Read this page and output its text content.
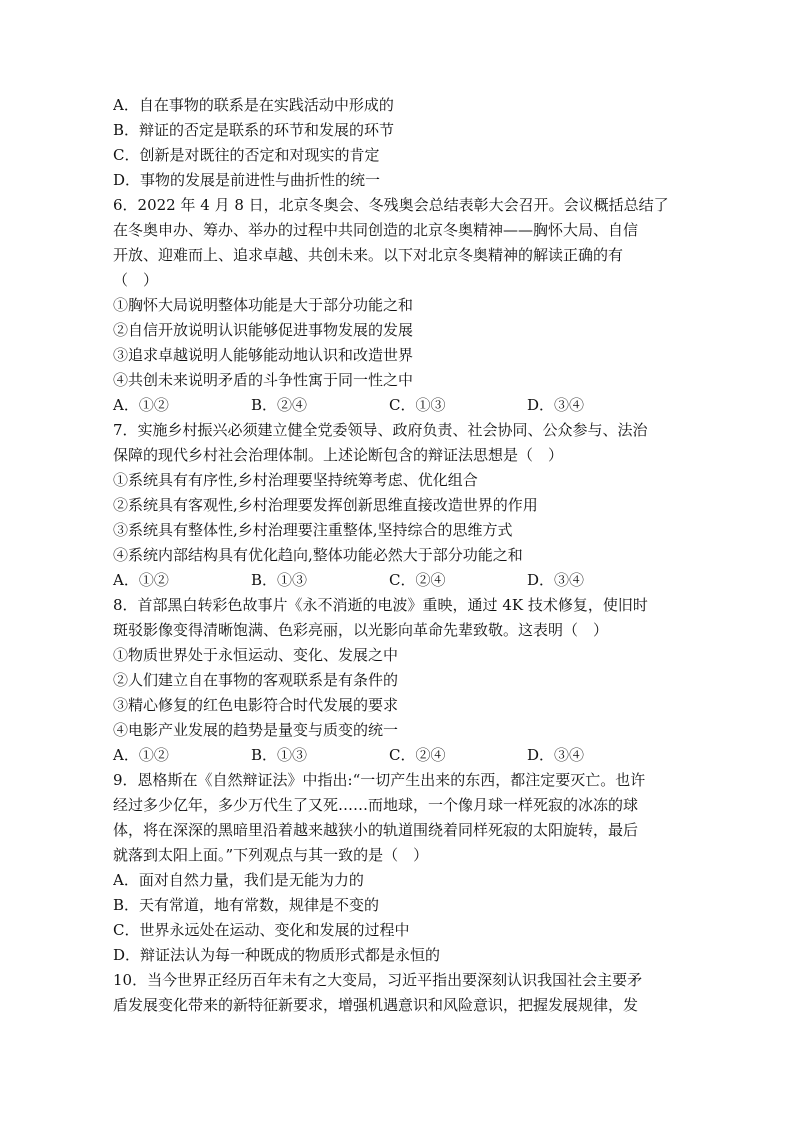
A．自在事物的联系是在实践活动中形成的
B．辩证的否定是联系的环节和发展的环节
C．创新是对既往的否定和对现实的肯定
D．事物的发展是前进性与曲折性的统一
6．2022 年 4 月 8 日，北京冬奥会、冬残奥会总结表彰大会召开。会议概括总结了
在冬奥申办、筹办、举办的过程中共同创造的北京冬奥精神——胸怀大局、自信
开放、迎难而上、追求卓越、共创未来。以下对北京冬奥精神的解读正确的有
（　）
①胸怀大局说明整体功能是大于部分功能之和
②自信开放说明认识能够促进事物发展的发展
③追求卓越说明人能够能动地认识和改造世界
④共创未来说明矛盾的斗争性寓于同一性之中
A．①②	B．②④	C．①③	D．③④
7．实施乡村振兴必须建立健全党委领导、政府负责、社会协同、公众参与、法治
保障的现代乡村社会治理体制。上述论断包含的辩证法思想是（　）
①系统具有有序性,乡村治理要坚持统筹考虑、优化组合
②系统具有客观性,乡村治理要发挥创新思维直接改造世界的作用
③系统具有整体性,乡村治理要注重整体,坚持综合的思维方式
④系统内部结构具有优化趋向,整体功能必然大于部分功能之和
A．①②	B．①③	C．②④	D．③④
8．首部黑白转彩色故事片《永不消逝的电波》重映，通过 4K 技术修复，使旧时
斑驳影像变得清晰饱满、色彩亮丽，以光影向革命先辈致敬。这表明（　）
①物质世界处于永恒运动、变化、发展之中
②人们建立自在事物的客观联系是有条件的
③精心修复的红色电影符合时代发展的要求
④电影产业发展的趋势是量变与质变的统一
A．①②	B．①③	C．②④	D．③④
9．恩格斯在《自然辩证法》中指出:“一切产生出来的东西，都注定要灭亡。也许
经过多少亿年，多少万代生了又死……而地球，一个像月球一样死寂的冰冻的球
体，将在深深的黑暗里沿着越来越狭小的轨道围绕着同样死寂的太阳旋转，最后
就落到太阳上面。”下列观点与其一致的是（　）
A．面对自然力量，我们是无能为力的
B．天有常道，地有常数，规律是不变的
C．世界永远处在运动、变化和发展的过程中
D．辩证法认为每一种既成的物质形式都是永恒的
10．当今世界正经历百年未有之大变局，习近平指出要深刻认识我国社会主要矛
盾发展变化带来的新特征新要求，增强机遇意识和风险意识，把握发展规律，发
